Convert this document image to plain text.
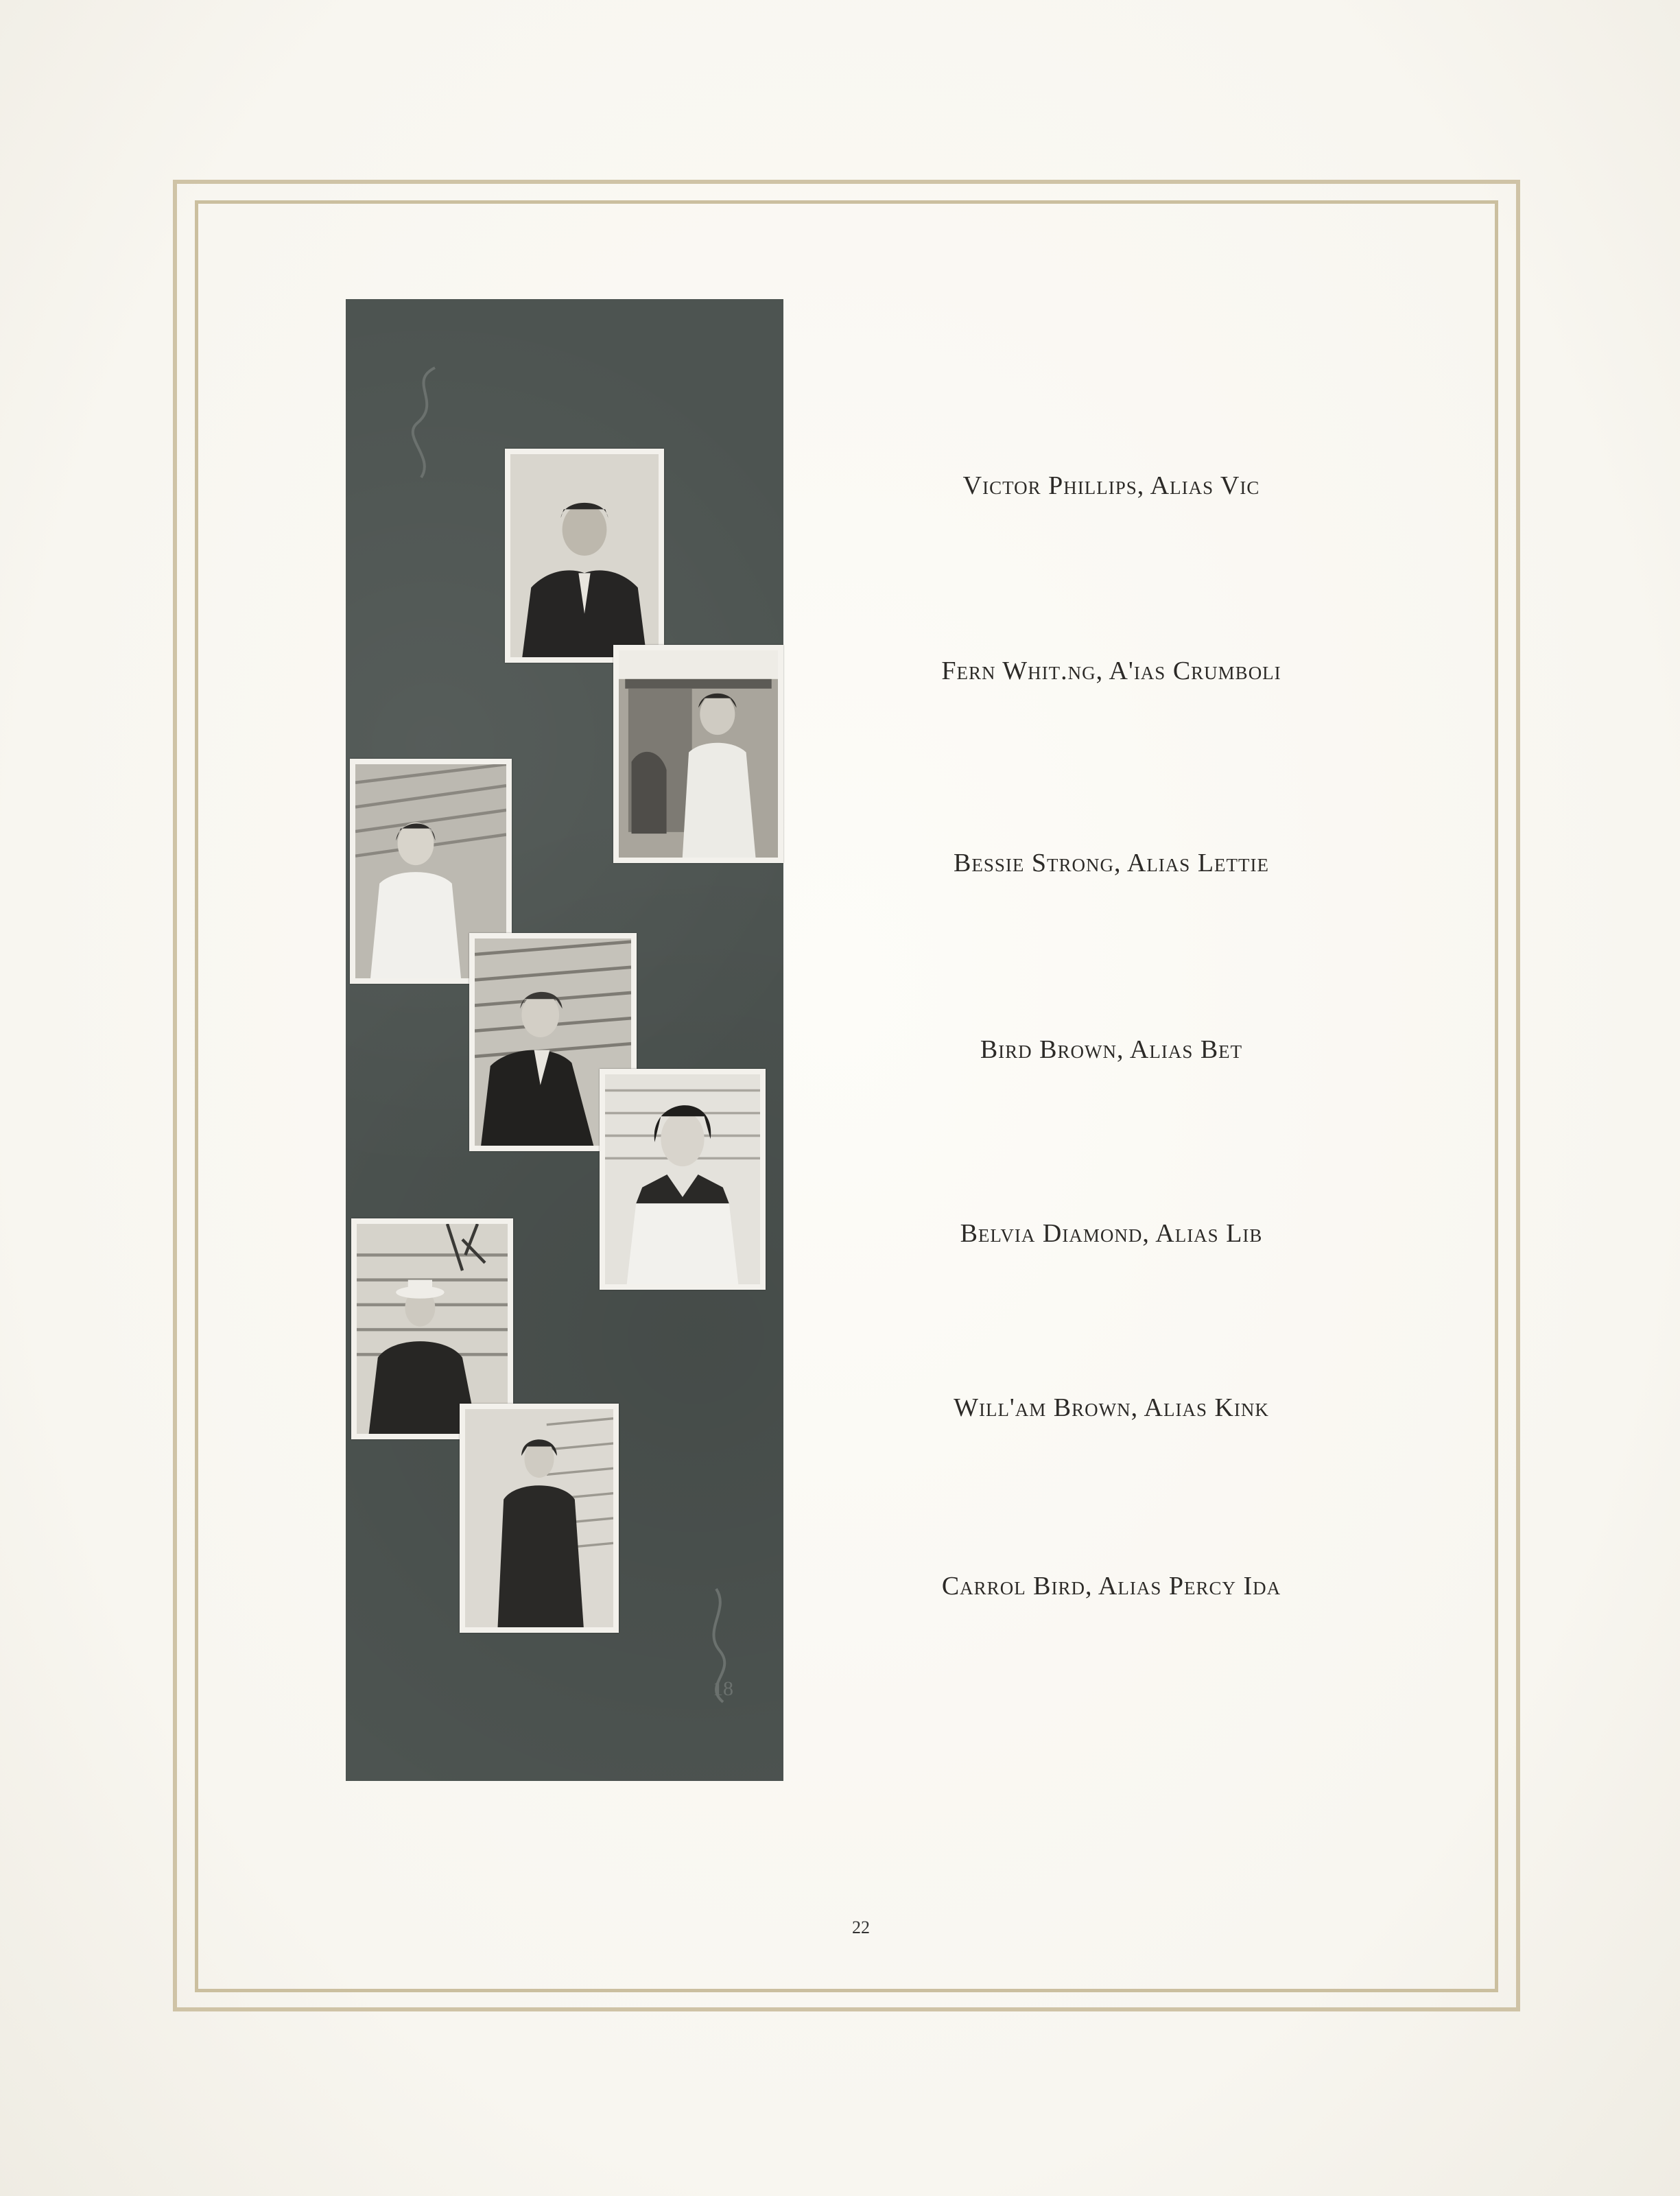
18
Victor Phillips, Alias Vic
Fern Whit.ng, A'ias Crumboli
Bessie Strong, Alias Lettie
Bird Brown, Alias Bet
Belvia Diamond, Alias Lib
Will'am Brown, Alias Kink
Carrol Bird, Alias Percy Ida
22
